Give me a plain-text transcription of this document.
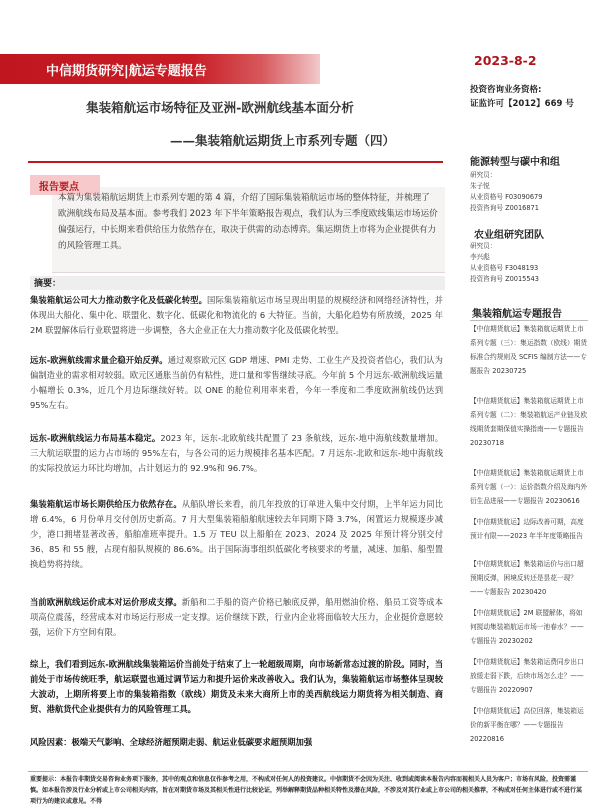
中信期货研究|航运专题报告
2023-8-2
投资咨询业务资格:
证监许可【2012】669 号
集装箱航运市场特征及亚洲-欧洲航线基本面分析
——集装箱航运期货上市系列专题（四）
报告要点
本篇为集装箱航运期货上市系列专题的第 4 篇，介绍了国际集装箱航运市场的整体特征，并梳理了欧洲航线布局及基本面。参考我们 2023 年下半年策略报告观点，我们认为三季度欧线集运市场运价偏强运行，中长期来看供给压力依然存在，取决于供需的动态博弈。集运期货上市将为企业提供有力的风险管理工具。
摘要：
集装箱航运公司大力推动数字化及低碳化转型。国际集装箱航运市场呈现出明显的规模经济和网络经济特性，并体现出大船化、集中化、联盟化、数字化、低碳化和物流化的 6 大特征。当前，大船化趋势有所放缓，2025 年 2M 联盟解体后行业联盟将进一步调整，各大企业正在大力推动数字化及低碳化转型。
远东-欧洲航线需求量企稳开始反弹。通过观察欧元区 GDP 增速、PMI 走势、工业生产及投资者信心，我们认为偏制造业的需求相对较弱。欧元区通胀当前仍有粘性，进口量和零售继续寻底。今年前 5 个月远东-欧洲航线运量小幅增长 0.3%，近几个月边际继续好转。以 ONE 的舱位利用率来看，今年一季度和二季度欧洲航线仍达到 95%左右。
远东-欧洲航线运力布局基本稳定。2023 年，远东-北欧航线共配置了 23 条航线，远东-地中海航线数量增加。三大航运联盟的运力占市场的 95%左右，与各公司的运力规模排名基本匹配。7 月远东-北欧和远东-地中海航线的实际投放运力环比均增加，占计划运力的 92.9%和 96.7%。
集装箱航运市场长期供给压力依然存在。从船队增长来看，前几年投放的订单进入集中交付期，上半年运力同比增 6.4%，6 月份单月交付创历史新高。7 月大型集装箱船舶航速较去年同期下降 3.7%，闲置运力规模逐步减少，港口拥堵显著改善，船舶准班率提升。1.5 万 TEU 以上船舶在 2023、2024 及 2025 年预计将分别交付 36、85 和 55 艘，占现有船队规模的 86.6%。出于国际海事组织低碳化考核要求的考量，减速、加船、船型置换趋势将持续。
当前欧洲航线运价成本对运价形成支撑。新船和二手船的资产价格已触底反弹，船用燃油价格、船员工资等成本项高位震荡，经营成本对市场运行形成一定支撑。运价继续下跌，行业内企业将面临较大压力，企业挺价意愿较强，运价下方空间有限。
综上，我们看到远东-欧洲航线集装箱运价当前处于结束了上一轮超级周期，向市场新常态过渡的阶段。同时，当前处于市场传统旺季，航运联盟也通过调节运力和提升运价来改善收入。我们认为，集装箱航运市场整体呈现较大波动，上期所将要上市的集装箱指数（欧线）期货及未来大商所上市的美西航线运力期货将为相关制造、商贸、港航货代企业提供有力的风险管理工具。
风险因素：极端天气影响、全球经济超预期走弱、航运业低碳要求超预期加强
能源转型与碳中和组
研究员：
朱子悦
从业资格号 F03090679
投资咨询号 Z0016871
农业组研究团队
研究员：
李兴彪
从业资格号 F3048193
投资咨询号 Z0015543
集装箱航运专题报告
【中信期货航运】集装箱航运期货上市系列专题（三）：集运指数（欧线）期货标准合约规则及 SCFIS 编制方法——专题报告 20230725
【中信期货航运】集装箱航运期货上市系列专题（二）：集装箱航运产业链及欧线期货套期保值实操指南——专题报告 20230718
【中信期货航运】集装箱航运期货上市系列专题（一）：运价指数介绍及海内外衍生品进展——专题报告 20230616
【中信期货航运】边际改善可期，高度预计有限——2023 年半年度策略报告
【中信期货航运】集装箱运价与出口超预期反弹，困境反转还是昙花一现？——专题报告 20230420
【中信期货航运】2M 联盟解体，将如何搅动集装箱航运市场一池春水？——专题报告 20230202
【中信期货航运】集装箱运费同步出口放缓走弱下跌，后续市场怎么走？——专题报告 20220907
【中信期货航运】高位回落，集装箱运价的新平衡在哪？——专题报告 20220816
重要提示：本报告非期货交易咨询业务项下服务，其中的观点和信息仅作参考之用，不构成对任何人的投资建议。中信期货不会因为关注、收到或阅读本报告内容而视相关人员为客户；市场有风险，投资需谨慎。如本报告涉及行业分析或上市公司相关内容，旨在对期货市场及其相关性进行比较论证，列举解释期货品种相关特性及潜在风险，不涉及对其行业或上市公司的相关推荐，不构成对任何主体进行或不进行某项行为的建议或意见。不得
